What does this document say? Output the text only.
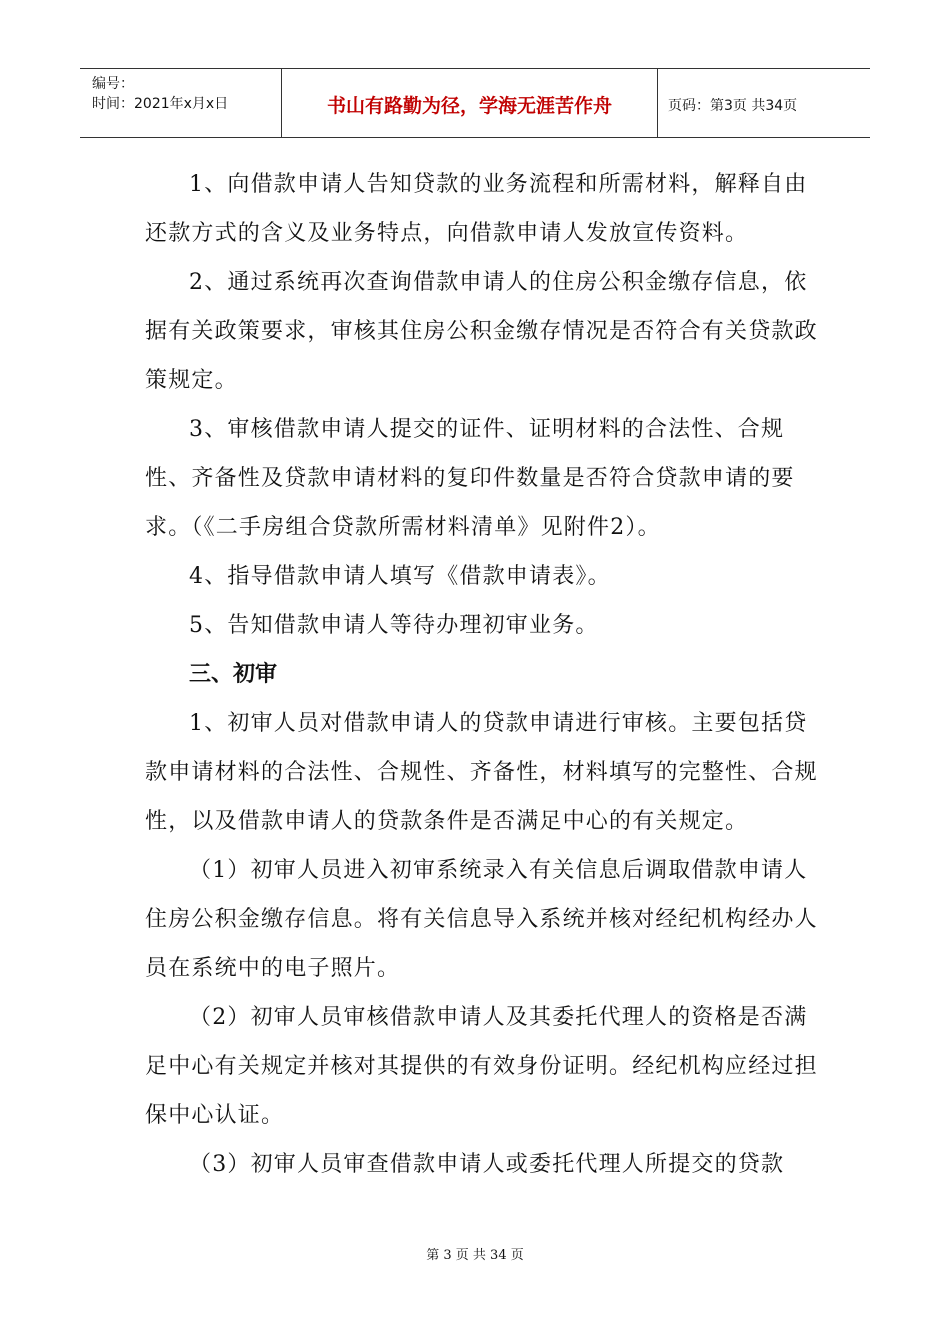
编号：
时间：2021年x月x日	书山有路勤为径，学海无涯苦作舟	页码：第3页 共34页

1、向借款申请人告知贷款的业务流程和所需材料，解释自由还款方式的含义及业务特点，向借款申请人发放宣传资料。

2、通过系统再次查询借款申请人的住房公积金缴存信息，依据有关政策要求，审核其住房公积金缴存情况是否符合有关贷款政策规定。

3、审核借款申请人提交的证件、证明材料的合法性、合规性、齐备性及贷款申请材料的复印件数量是否符合贷款申请的要求。（《二手房组合贷款所需材料清单》见附件2）。

4、指导借款申请人填写《借款申请表》。

5、告知借款申请人等待办理初审业务。

三、初审

1、初审人员对借款申请人的贷款申请进行审核。主要包括贷款申请材料的合法性、合规性、齐备性，材料填写的完整性、合规性，以及借款申请人的贷款条件是否满足中心的有关规定。

（1）初审人员进入初审系统录入有关信息后调取借款申请人住房公积金缴存信息。将有关信息导入系统并核对经纪机构经办人员在系统中的电子照片。

（2）初审人员审核借款申请人及其委托代理人的资格是否满足中心有关规定并核对其提供的有效身份证明。经纪机构应经过担保中心认证。

（3）初审人员审查借款申请人或委托代理人所提交的贷款

第 3 页 共 34 页
